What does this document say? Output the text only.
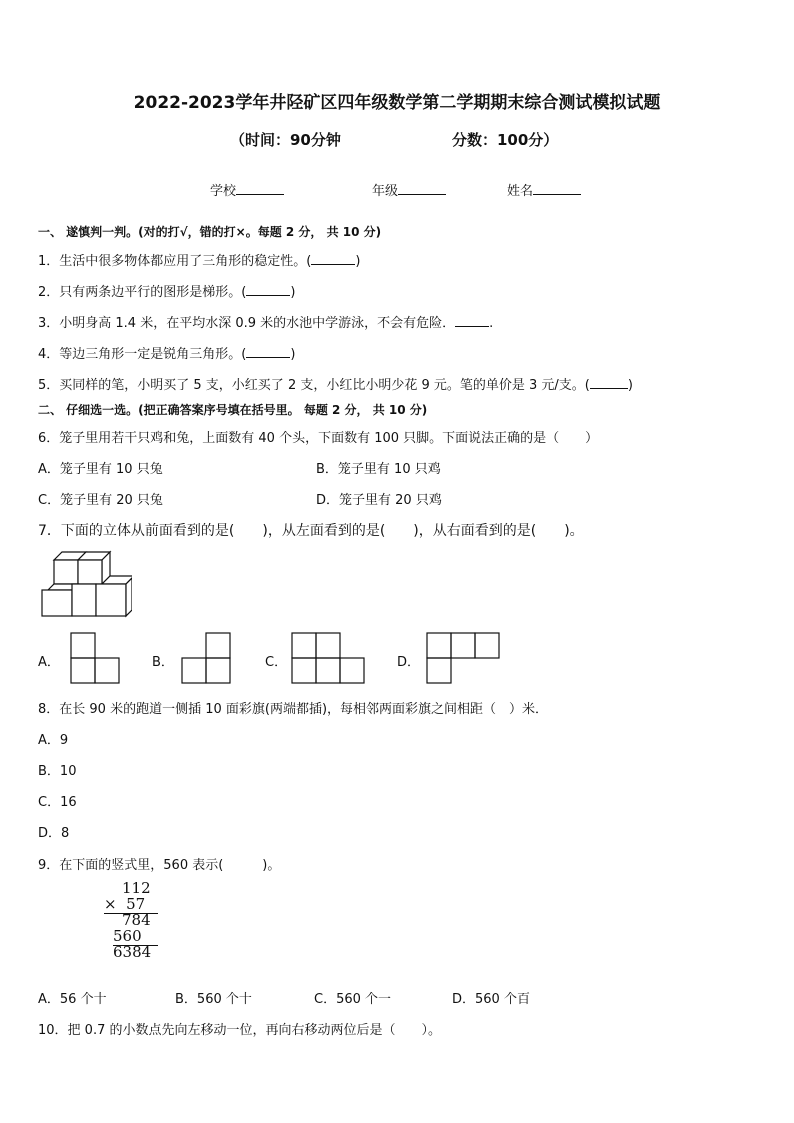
2022-2023学年井陉矿区四年级数学第二学期期末综合测试模拟试题
（时间：90分钟	分数：100分）
学校	年级	姓名
一、 遂慎判一判。(对的打√，错的打×。每题 2 分， 共 10 分)
1．生活中很多物体都应用了三角形的稳定性。(	)
2．只有两条边平行的图形是梯形。(	)
3．小明身高 1.4 米，在平均水深 0.9 米的水池中学游泳，不会有危险．	.
4．等边三角形一定是锐角三角形。(	)
5．买同样的笔，小明买了 5 支，小红买了 2 支，小红比小明少花 9 元。笔的单价是 3 元/支。(	)
二、 仔细选一选。(把正确答案序号填在括号里。 每题 2 分， 共 10 分)
6．笼子里用若干只鸡和兔，上面数有 40 个头，下面数有 100 只脚。下面说法正确的是（　　）
A．笼子里有 10 只兔	B．笼子里有 10 只鸡
C．笼子里有 20 只兔	D．笼子里有 20 只鸡
7．下面的立体从前面看到的是(　　)，从左面看到的是(　　)，从右面看到的是(　　)。
A．	B．	C．	D．
8．在长 90 米的跑道一侧插 10 面彩旗(两端都插)，每相邻两面彩旗之间相距（　）米．
A．9
B．10
C．16
D．8
9．在下面的竖式里，560 表示(　　　)。
112
×  57
784
560
6384
A．56 个十	B．560 个十	C．560 个一	D．560 个百
10．把 0.7 的小数点先向左移动一位，再向右移动两位后是（　　）。
